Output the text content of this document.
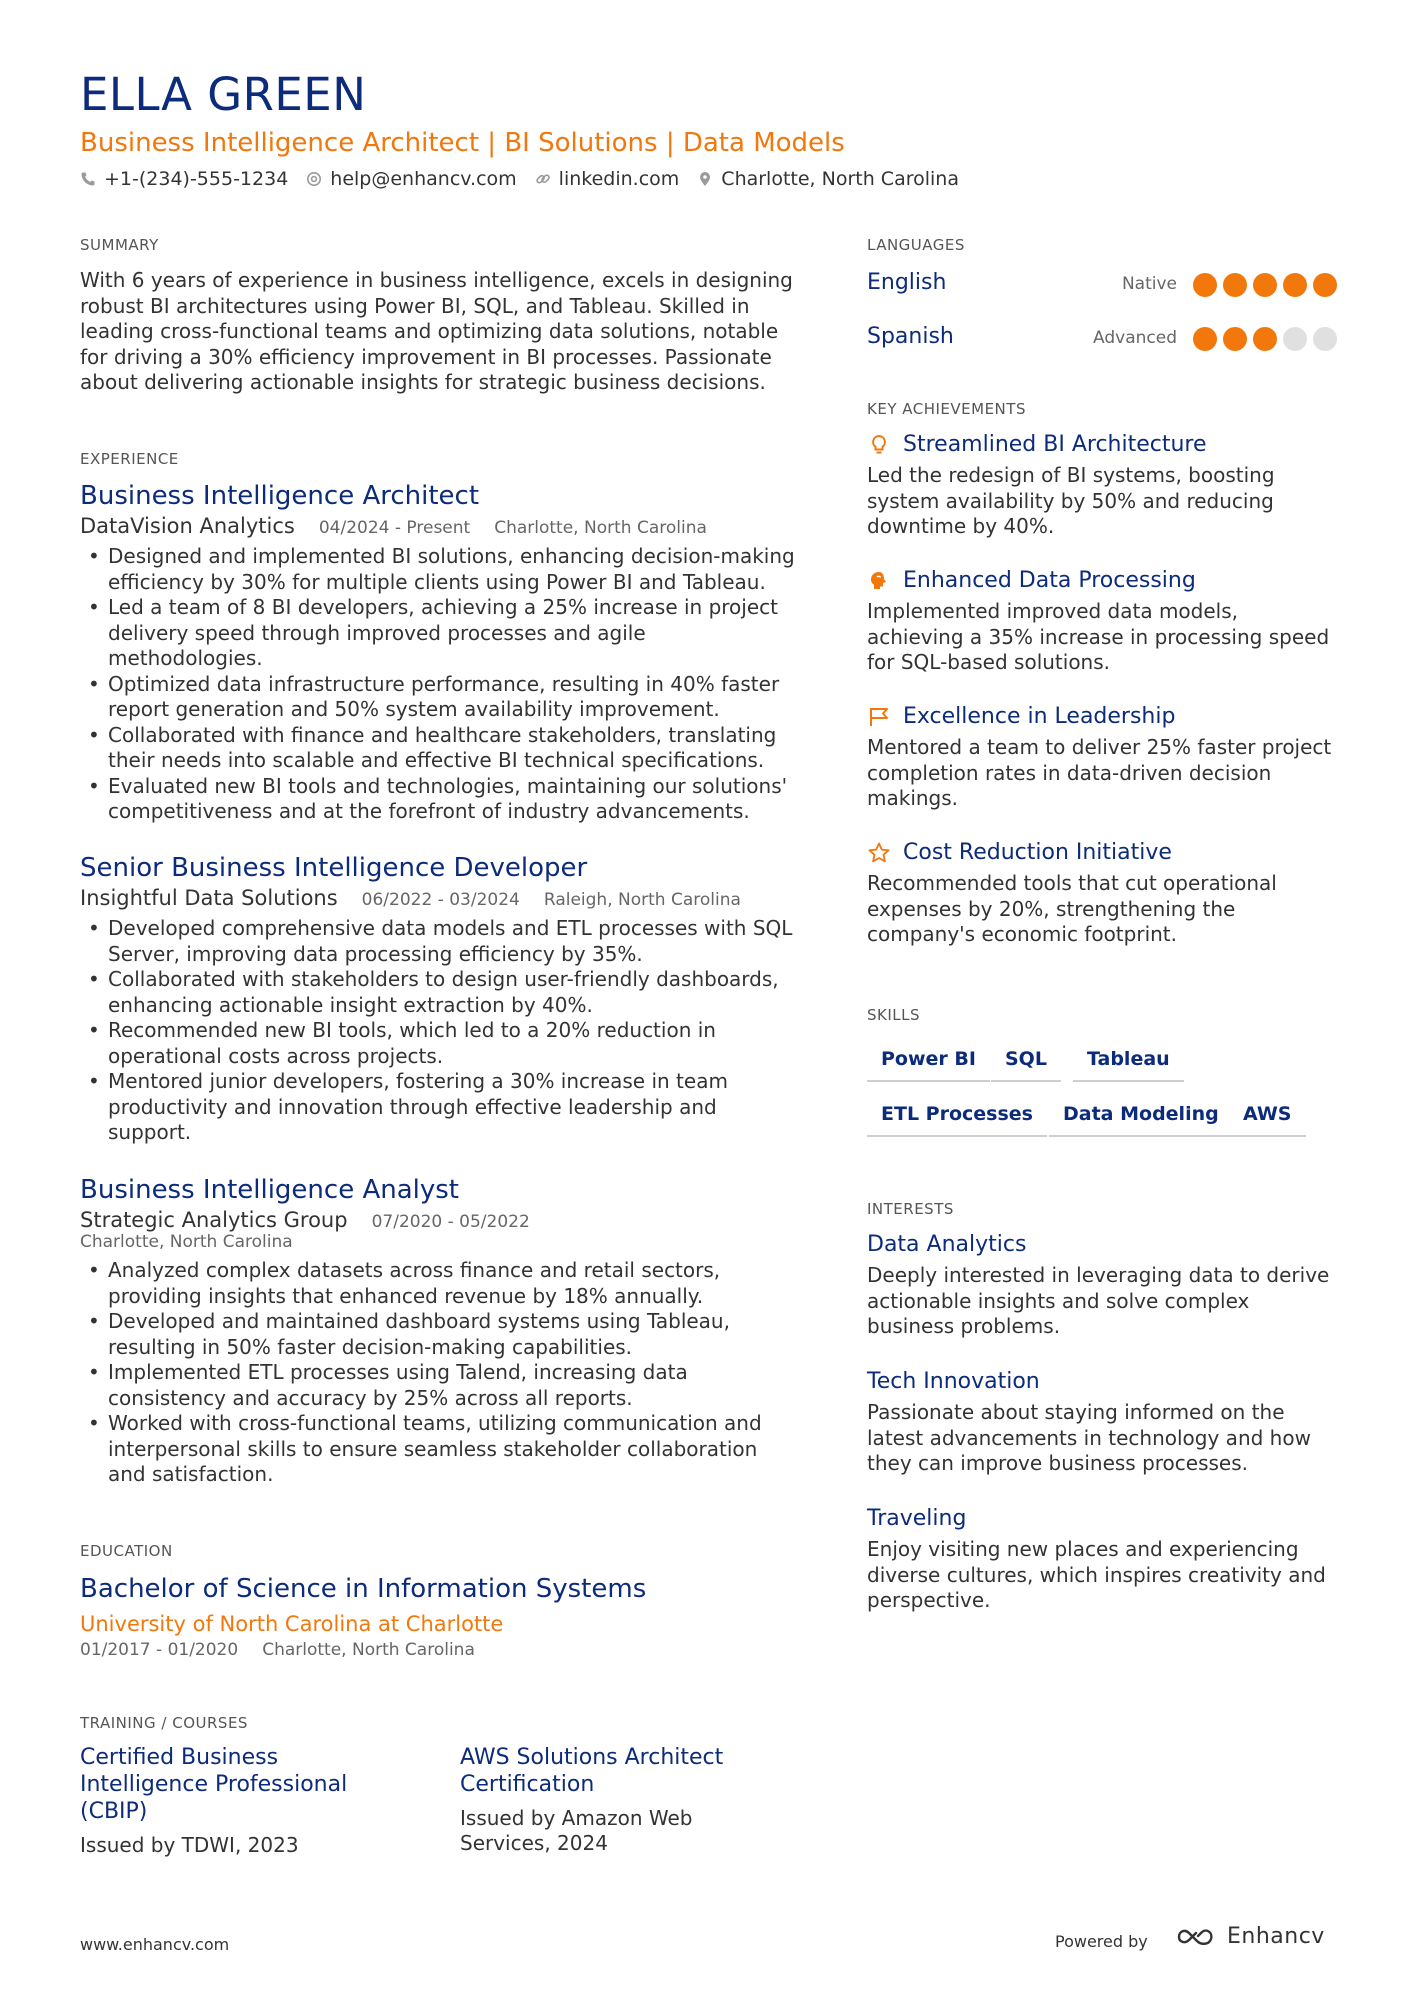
ELLA GREEN
Business Intelligence Architect | BI Solutions | Data Models
+1-(234)-555-1234 help@enhancv.com linkedin.com Charlotte, North Carolina
SUMMARY
With 6 years of experience in business intelligence, excels in designing robust BI architectures using Power BI, SQL, and Tableau. Skilled in leading cross-functional teams and optimizing data solutions, notable for driving a 30% efficiency improvement in BI processes. Passionate about delivering actionable insights for strategic business decisions.
EXPERIENCE
Business Intelligence Architect
DataVision Analytics 04/2024 - Present Charlotte, North Carolina
• Designed and implemented BI solutions, enhancing decision-making efficiency by 30% for multiple clients using Power BI and Tableau.
• Led a team of 8 BI developers, achieving a 25% increase in project delivery speed through improved processes and agile methodologies.
• Optimized data infrastructure performance, resulting in 40% faster report generation and 50% system availability improvement.
• Collaborated with finance and healthcare stakeholders, translating their needs into scalable and effective BI technical specifications.
• Evaluated new BI tools and technologies, maintaining our solutions' competitiveness and at the forefront of industry advancements.
Senior Business Intelligence Developer
Insightful Data Solutions 06/2022 - 03/2024 Raleigh, North Carolina
• Developed comprehensive data models and ETL processes with SQL Server, improving data processing efficiency by 35%.
• Collaborated with stakeholders to design user-friendly dashboards, enhancing actionable insight extraction by 40%.
• Recommended new BI tools, which led to a 20% reduction in operational costs across projects.
• Mentored junior developers, fostering a 30% increase in team productivity and innovation through effective leadership and support.
Business Intelligence Analyst
Strategic Analytics Group 07/2020 - 05/2022
Charlotte, North Carolina
• Analyzed complex datasets across finance and retail sectors, providing insights that enhanced revenue by 18% annually.
• Developed and maintained dashboard systems using Tableau, resulting in 50% faster decision-making capabilities.
• Implemented ETL processes using Talend, increasing data consistency and accuracy by 25% across all reports.
• Worked with cross-functional teams, utilizing communication and interpersonal skills to ensure seamless stakeholder collaboration and satisfaction.
EDUCATION
Bachelor of Science in Information Systems
University of North Carolina at Charlotte
01/2017 - 01/2020 Charlotte, North Carolina
TRAINING / COURSES
Certified Business Intelligence Professional (CBIP)
Issued by TDWI, 2023
AWS Solutions Architect Certification
Issued by Amazon Web Services, 2024
LANGUAGES
English	Native
Spanish	Advanced
KEY ACHIEVEMENTS
Streamlined BI Architecture
Led the redesign of BI systems, boosting system availability by 50% and reducing downtime by 40%.
Enhanced Data Processing
Implemented improved data models, achieving a 35% increase in processing speed for SQL-based solutions.
Excellence in Leadership
Mentored a team to deliver 25% faster project completion rates in data-driven decision makings.
Cost Reduction Initiative
Recommended tools that cut operational expenses by 20%, strengthening the company's economic footprint.
SKILLS
Power BI	SQL	Tableau
ETL Processes	Data Modeling	AWS
INTERESTS
Data Analytics
Deeply interested in leveraging data to derive actionable insights and solve complex business problems.
Tech Innovation
Passionate about staying informed on the latest advancements in technology and how they can improve business processes.
Traveling
Enjoy visiting new places and experiencing diverse cultures, which inspires creativity and perspective.
www.enhancv.com	Powered by	Enhancv
